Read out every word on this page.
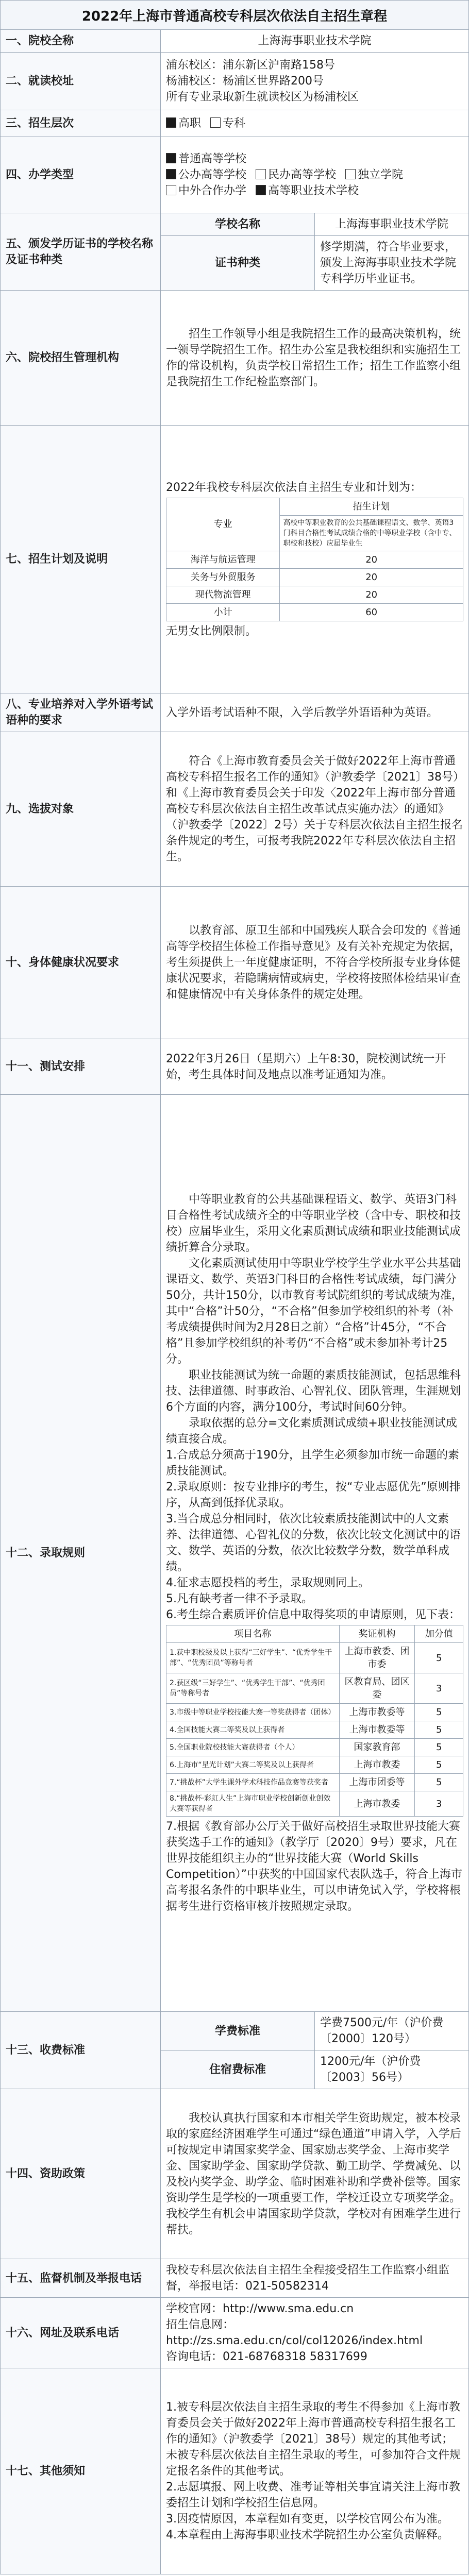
2022年上海市普通高校专科层次依法自主招生章程
一、院校全称	上海海事职业技术学院
二、就读校址	

浦东校区：浦东新区沪南路158号

杨浦校区：杨浦区世界路200号

所有专业录取新生就读校区为杨浦校区

三、招生层次	高职	专科

四、办学类型	
普通高等学校
公办高等学校	民办高等学校	独立学院
中外合作办学	高等职业技术学校

五、颁发学历证书的学校名称及证书种类	学校名称	上海海事职业技术学院
证书种类	修学期满，符合毕业要求，颁发上海海事职业技术学院专科学历毕业证书。
六、院校招生管理机构	招生工作领导小组是我院招生工作的最高决策机构，统一领导学院招生工作。招生办公室是我校组织和实施招生工作的常设机构，负责学校日常招生工作；招生工作监察小组是我院招生工作纪检监察部门。
七、招生计划及说明	

2022年我校专科层次依法自主招生专业和计划为：

专业	招生计划
高校中等职业教育的公共基础课程语文、数学、英语3门科目合格性考试成绩合格的中等职业学校（含中专、职校和技校）应届毕业生
海洋与航运管理	20
关务与外贸服务	20
现代物流管理	20
小计	60

无男女比例限制。

八、专业培养对入学外语考试语种的要求	入学外语考试语种不限，入学后教学外语语种为英语。
九、选拔对象	符合《上海市教育委员会关于做好2022年上海市普通高校专科招生报名工作的通知》（沪教委学〔2021〕38号）和《上海市教育委员会关于印发〈2022年上海市部分普通高校专科层次依法自主招生改革试点实施办法〉的通知》（沪教委学〔2022〕2号）关于专科层次依法自主招生报名条件规定的考生，可报考我院2022年专科层次依法自主招生。
十、身体健康状况要求	以教育部、原卫生部和中国残疾人联合会印发的《普通高等学校招生体检工作指导意见》及有关补充规定为依据，考生须提供上一年度健康证明，不符合学校所报专业身体健康状况要求，若隐瞒病情或病史，学校将按照体检结果审查和健康情况中有关身体条件的规定处理。
十一、测试安排	2022年3月26日（星期六）上午8:30，院校测试统一开始，考生具体时间及地点以准考证通知为准。
十二、录取规则	

中等职业教育的公共基础课程语文、数学、英语3门科目合格性考试成绩齐全的中等职业学校（含中专、职校和技校）应届毕业生，采用文化素质测试成绩和职业技能测试成绩折算合分录取。

文化素质测试使用中等职业学校学生学业水平公共基础课语文、数学、英语3门科目的合格性考试成绩，每门满分50分，共计150分，以市教育考试院组织的考试成绩为准，其中“合格”计50分，“不合格”但参加学校组织的补考（补考成绩提供时间为2月28日之前）“合格”计45分，“不合格”且参加学校组织的补考仍“不合格”或未参加补考计25分。

职业技能测试为统一命题的素质技能测试，包括思维科技、法律道德、时事政治、心智礼仪、团队管理，生涯规划6个方面的内容，满分100分，考试时间60分钟。

录取依据的总分=文化素质测试成绩+职业技能测试成绩直接合成。

1.合成总分须高于190分，且学生必须参加市统一命题的素质技能测试。

2.录取原则：按专业排序的考生，按“专业志愿优先”原则排序，从高到低择优录取。

3.当合成总分相同时，依次比较素质技能测试中的人文素养、法律道德、心智礼仪的分数，依次比较文化测试中的语文、数学、英语的分数，依次比较数学分数，数学单科成绩。

4.征求志愿投档的考生，录取规则同上。

5.凡有缺考者一律不予录取。

6.考生综合素质评价信息中取得奖项的申请原则，见下表：

项目名称	奖证机构	加分值
1.获中职校级及以上获得“三好学生”、“优秀学生干部”、“优秀团员”等称号者	上海市教委、团市委	5
2.获区级“三好学生”、“优秀学生干部”、“优秀团员”等称号者	区教育局、团区委	3
3.市级中等职业学校技能大赛一等奖获得者（团体）	上海市教委等	5
4.全国技能大赛二等奖及以上获得者	上海市教委等	5
5.全国职业院校技能大赛获得者（个人）	国家教育部	5
6.上海市“星光计划”大赛二等奖及以上获得者	上海市教委	5
7.“挑战杯”大学生课外学术科技作品竞赛等获奖者	上海市团委等	5
8.“挑战杯·彩虹人生”上海市职业学校创新创业创效大赛等获得者	上海市教委	3

7.根据《教育部办公厅关于做好高校招生录取世界技能大赛获奖选手工作的通知》（教学厅〔2020〕9号）要求，凡在世界技能组织主办的“世界技能大赛（World Skills Competition）”中获奖的中国国家代表队选手，符合上海市高考报名条件的中职毕业生，可以申请免试入学，学校将根据考生进行资格审核并按照规定录取。

十三、收费标准	学费标准	学费7500元/年（沪价费〔2000〕120号）
住宿费标准	1200元/年（沪价费〔2003〕56号）
十四、资助政策	我校认真执行国家和本市相关学生资助规定，被本校录取的家庭经济困难学生可通过“绿色通道”申请入学，入学后可按规定申请国家奖学金、国家励志奖学金、上海市奖学金、国家助学金、国家助学贷款、勤工助学、学费减免、以及校内奖学金、助学金、临时困难补助和学费补偿等。国家资助学生是学校的一项重要工作，学校迁设立专项奖学金。我校学生有机会申请国家助学贷款，学校对有困难学生进行帮扶。
十五、监督机制及举报电话	我校专科层次依法自主招生全程接受招生工作监察小组监督，举报电话：021-50582314
十六、网址及联系电话	

学校官网：http://www.sma.edu.cn

招生信息网：http://zs.sma.edu.cn/col/col12026/index.html

咨询电话：021-68768318 58317699

十七、其他须知	

1.被专科层次依法自主招生录取的考生不得参加《上海市教育委员会关于做好2022年上海市普通高校专科招生报名工作的通知》（沪教委学〔2021〕38号）规定的其他考试；未被专科层次依法自主招生录取的考生，可参加符合文件规定报名条件的其他考试。

2.志愿填报、网上收费、准考证等相关事宜请关注上海市教委招生计划和学校招生信息网。

3.因疫情原因，本章程如有变更，以学校官网公布为准。

4.本章程由上海海事职业技术学院招生办公室负责解释。
